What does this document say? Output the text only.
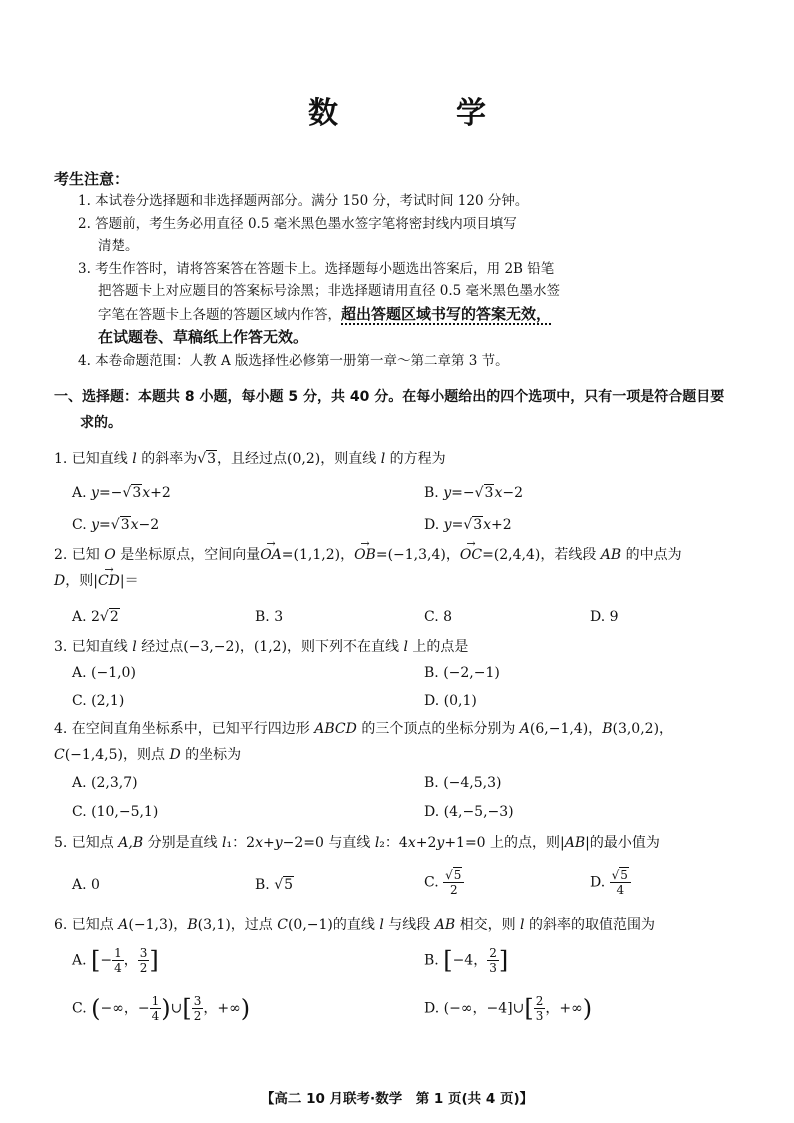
数　学
考生注意：

1. 本试卷分选择题和非选择题两部分。满分 150 分，考试时间 120 分钟。

2. 答题前，考生务必用直径 0.5 毫米黑色墨水签字笔将密封线内项目填写

清楚。

3. 考生作答时，请将答案答在答题卡上。选择题每小题选出答案后，用 2B 铅笔

把答题卡上对应题目的答案标号涂黑；非选择题请用直径 0.5 毫米黑色墨水签

字笔在答题卡上各题的答题区域内作答，超出答题区域书写的答案无效，

在试题卷、草稿纸上作答无效。

4. 本卷命题范围：人教 A 版选择性必修第一册第一章～第二章第 3 节。

一、选择题：本题共 8 小题，每小题 5 分，共 40 分。在每小题给出的四个选项中，只有一项是符合题目要
求的。
1. 已知直线 l 的斜率为√3，且经过点(0,2)，则直线 l 的方程为
A. y=−√3x+2	B. y=−√3x−2
C. y=√3x−2	D. y=√3x+2
2. 已知 O 是坐标原点，空间向量→ OA=(1,1,2)，→ OB=(−1,3,4)，→ OC=(2,4,4)，若线段 AB 的中点为
D，则|→ CD|＝
A. 2√2	B. 3	C. 8	D. 9
3. 已知直线 l 经过点(−3,−2)，(1,2)，则下列不在直线 l 上的点是
A. (−1,0)	B. (−2,−1)
C. (2,1)	D. (0,1)
4. 在空间直角坐标系中，已知平行四边形 ABCD 的三个顶点的坐标分别为 A(6,−1,4)，B(3,0,2)，
C(−1,4,5)，则点 D 的坐标为
A. (2,3,7)	B. (−4,5,3)
C. (10,−5,1)	D. (4,−5,−3)
5. 已知点 A,B 分别是直线 l₁：2x+y−2=0 与直线 l₂：4x+2y+1=0 上的点，则|AB|的最小值为
A. 0	B. √5	C. $\frac{√5}{2}$	D. $\frac{√5}{4}$
6. 已知点 A(−1,3)，B(3,1)，过点 C(0,−1)的直线 l 与线段 AB 相交，则 l 的斜率的取值范围为
A. [− $\frac{1}{4}$ ， $\frac{3}{2}$ ]	B. [−4， $\frac{2}{3}$ ]
C. (−∞，− $\frac{1}{4}$ )∪[ $\frac{3}{2}$ ，+∞)	D. (−∞，−4]∪[ $\frac{2}{3}$ ，+∞)
【高二 10 月联考·数学　第 1 页(共 4 页)】
